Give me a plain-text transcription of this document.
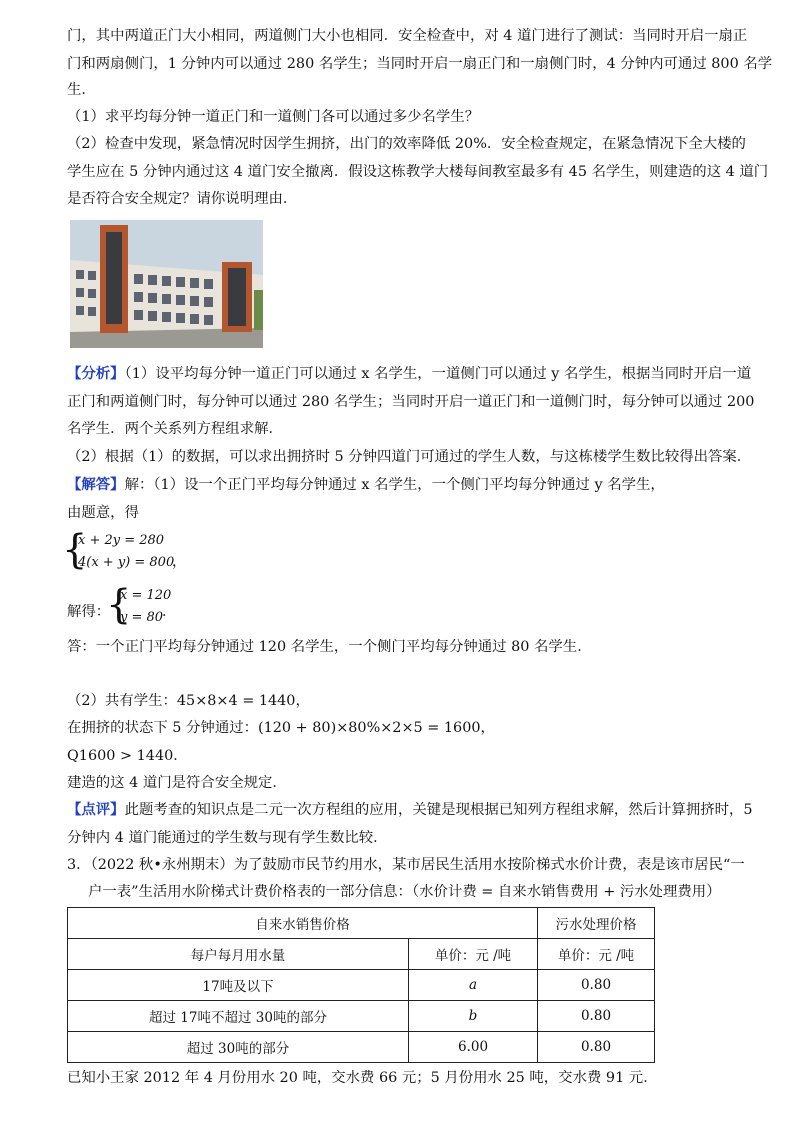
门，其中两道正门大小相同，两道侧门大小也相同．安全检查中，对 4 道门进行了测试：当同时开启一扇正
门和两扇侧门，1 分钟内可以通过 280 名学生；当同时开启一扇正门和一扇侧门时，4 分钟内可通过 800 名学
生．
（1）求平均每分钟一道正门和一道侧门各可以通过多少名学生？
（2）检查中发现，紧急情况时因学生拥挤，出门的效率降低 20%．安全检查规定，在紧急情况下全大楼的
学生应在 5 分钟内通过这 4 道门安全撤离．假设这栋教学大楼每间教室最多有 45 名学生，则建造的这 4 道门
是否符合安全规定？请你说明理由．
【分析】（1）设平均每分钟一道正门可以通过 x 名学生，一道侧门可以通过 y 名学生，根据当同时开启一道
正门和两道侧门时，每分钟可以通过 280 名学生；当同时开启一道正门和一道侧门时，每分钟可以通过 200
名学生．两个关系列方程组求解．
（2）根据（1）的数据，可以求出拥挤时 5 分钟四道门可通过的学生人数，与这栋楼学生数比较得出答案．
【解答】解：（1）设一个正门平均每分钟通过 x 名学生，一个侧门平均每分钟通过 y 名学生，
由题意，得
{
x + 2y = 280
4(x + y) = 800
，
解得：
{
x = 120
y = 80
．
答：一个正门平均每分钟通过 120 名学生，一个侧门平均每分钟通过 80 名学生．
（2）共有学生：45×8×4 = 1440，
在拥挤的状态下 5 分钟通过：(120 + 80)×80%×2×5 = 1600，
Q1600 > 1440．
建造的这 4 道门是符合安全规定．
【点评】此题考查的知识点是二元一次方程组的应用，关键是现根据已知列方程组求解，然后计算拥挤时，5
分钟内 4 道门能通过的学生数与现有学生数比较．
3．（2022 秋•永州期末）为了鼓励市民节约用水，某市居民生活用水按阶梯式水价计费，表是该市居民“一
户一表”生活用水阶梯式计费价格表的一部分信息：（水价计费 = 自来水销售费用 + 污水处理费用）
自来水销售价格		污水处理价格
每户每月用水量	单价：元 /吨	单价：元 /吨
17吨及以下	a	0.80
超过 17吨不超过 30吨的部分	b	0.80
超过 30吨的部分	6.00	0.80
已知小王家 2012 年 4 月份用水 20 吨，交水费 66 元；5 月份用水 25 吨，交水费 91 元．
